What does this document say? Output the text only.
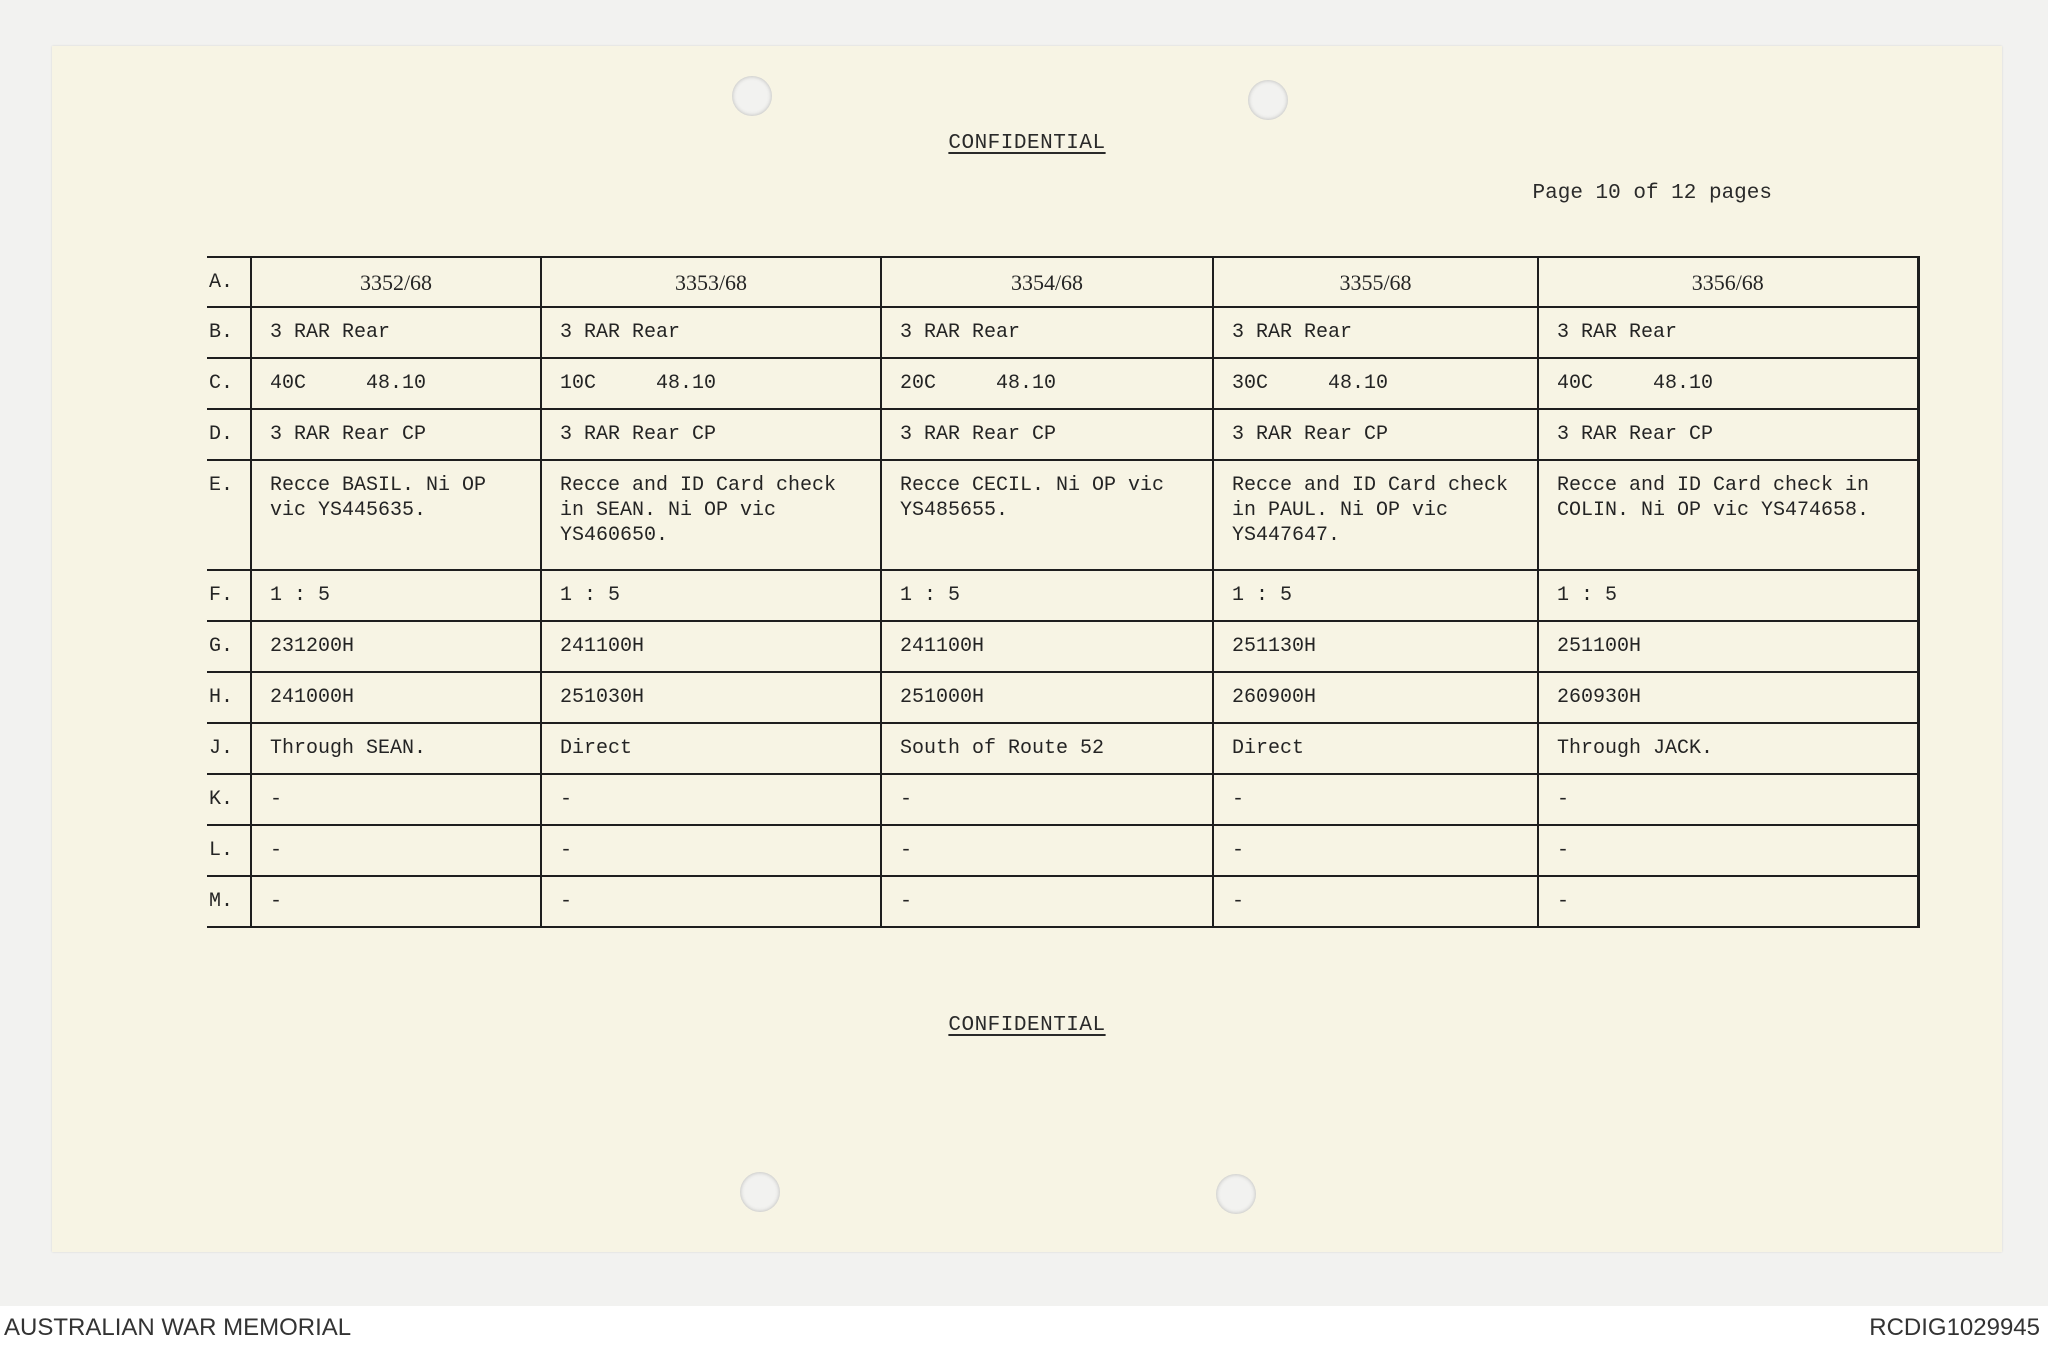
CONFIDENTIAL
Page 10 of 12 pages
A.	3352/68	3353/68	3354/68	3355/68	3356/68
B.	3 RAR Rear	3 RAR Rear	3 RAR Rear	3 RAR Rear	3 RAR Rear
C.	40C     48.10	10C     48.10	20C     48.10	30C     48.10	40C     48.10
D.	3 RAR Rear CP	3 RAR Rear CP	3 RAR Rear CP	3 RAR Rear CP	3 RAR Rear CP
E.	Recce BASIL. Ni OP vic YS445635.	Recce and ID Card check in SEAN. Ni OP vic YS460650.	Recce CECIL. Ni OP vic YS485655.	Recce and ID Card check in PAUL. Ni OP vic YS447647.	Recce and ID Card check in COLIN. Ni OP vic YS474658.
F.	1 : 5	1 : 5	1 : 5	1 : 5	1 : 5
G.	231200H	241100H	241100H	251130H	251100H
H.	241000H	251030H	251000H	260900H	260930H
J.	Through SEAN.	Direct	South of Route 52	Direct	Through JACK.
K.	-	-	-	-	-
L.	-	-	-	-	-
M.	-	-	-	-	-
CONFIDENTIAL
AUSTRALIAN WAR MEMORIAL	RCDIG1029945
